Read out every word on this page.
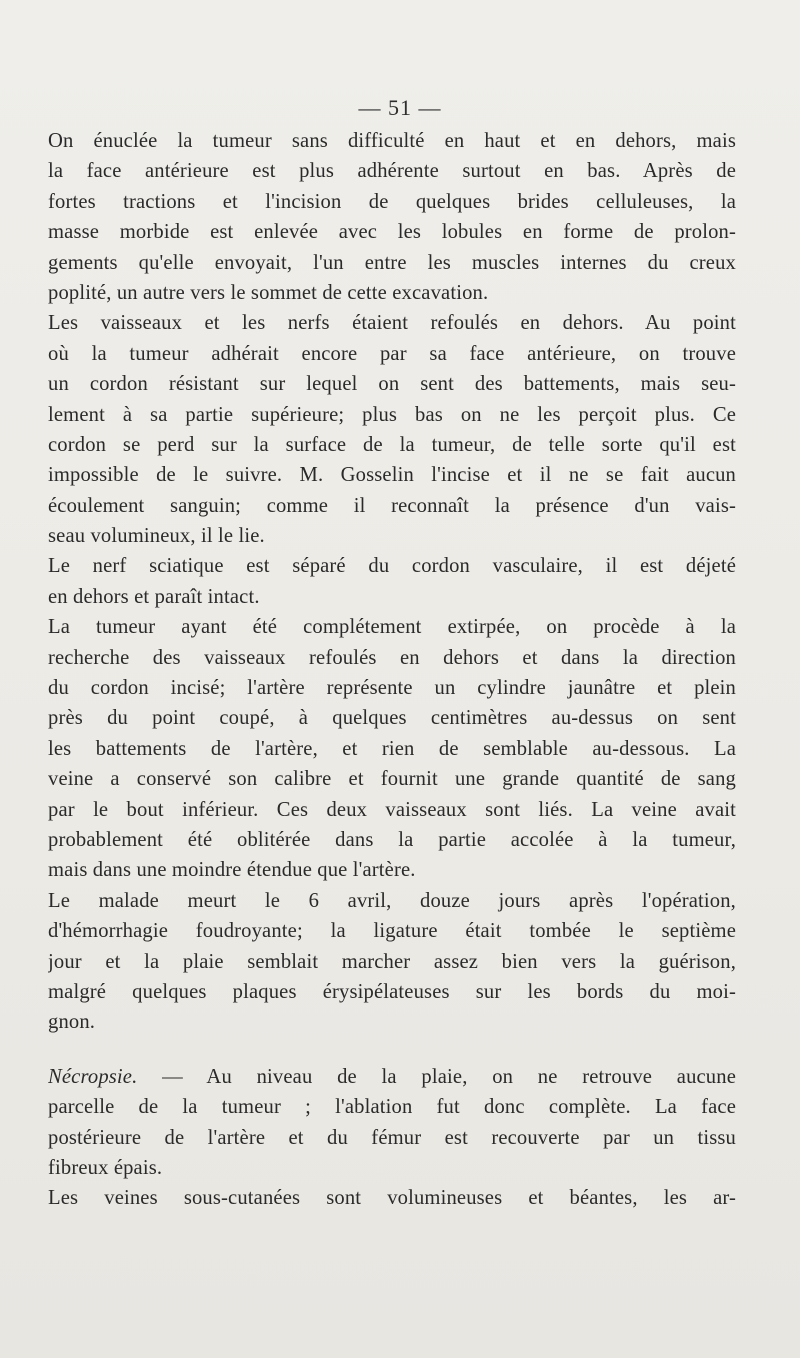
— 51 —
On énuclée la tumeur sans difficulté en haut et en dehors, mais
la face antérieure est plus adhérente surtout en bas. Après de
fortes tractions et l'incision de quelques brides celluleuses, la
masse morbide est enlevée avec les lobules en forme de prolon-
gements qu'elle envoyait, l'un entre les muscles internes du creux
poplité, un autre vers le sommet de cette excavation.
Les vaisseaux et les nerfs étaient refoulés en dehors. Au point
où la tumeur adhérait encore par sa face antérieure, on trouve
un cordon résistant sur lequel on sent des battements, mais seu-
lement à sa partie supérieure; plus bas on ne les perçoit plus. Ce
cordon se perd sur la surface de la tumeur, de telle sorte qu'il est
impossible de le suivre. M. Gosselin l'incise et il ne se fait aucun
écoulement sanguin; comme il reconnaît la présence d'un vais-
seau volumineux, il le lie.
Le nerf sciatique est séparé du cordon vasculaire, il est déjeté
en dehors et paraît intact.
La tumeur ayant été complétement extirpée, on procède à la
recherche des vaisseaux refoulés en dehors et dans la direction
du cordon incisé; l'artère représente un cylindre jaunâtre et plein
près du point coupé, à quelques centimètres au-dessus on sent
les battements de l'artère, et rien de semblable au-dessous. La
veine a conservé son calibre et fournit une grande quantité de sang
par le bout inférieur. Ces deux vaisseaux sont liés. La veine avait
probablement été oblitérée dans la partie accolée à la tumeur,
mais dans une moindre étendue que l'artère.
Le malade meurt le 6 avril, douze jours après l'opération,
d'hémorrhagie foudroyante; la ligature était tombée le septième
jour et la plaie semblait marcher assez bien vers la guérison,
malgré quelques plaques érysipélateuses sur les bords du moi-
gnon.
Nécropsie. — Au niveau de la plaie, on ne retrouve aucune
parcelle de la tumeur ; l'ablation fut donc complète. La face
postérieure de l'artère et du fémur est recouverte par un tissu
fibreux épais.
Les veines sous-cutanées sont volumineuses et béantes, les ar-
